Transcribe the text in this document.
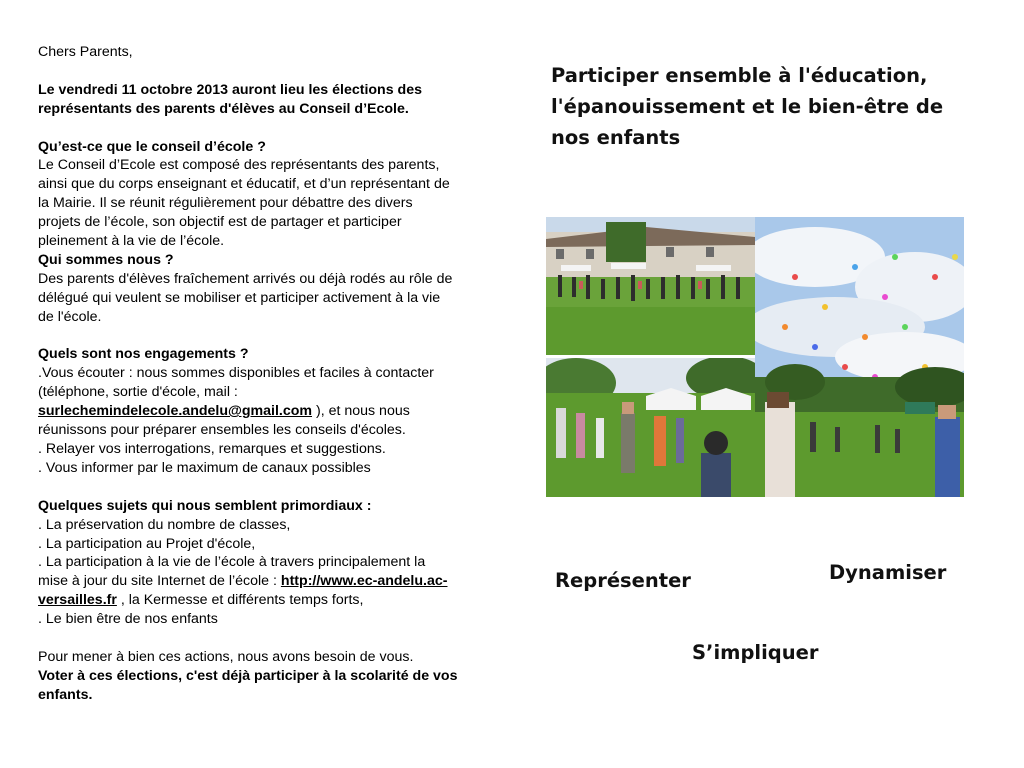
Chers Parents,

Le vendredi 11 octobre 2013 auront lieu les élections des représentants des parents d'élèves au Conseil d’Ecole.

Qu’est-ce que le conseil d’école ?

Le Conseil d’Ecole est composé des représentants des parents, ainsi que du corps enseignant et éducatif, et d’un représentant de la Mairie. Il se réunit régulièrement pour débattre des divers projets de l’école, son objectif est de partager et participer pleinement à la vie de l’école.

Qui sommes nous ?

Des parents d'élèves fraîchement arrivés ou déjà rodés au rôle de délégué qui veulent se mobiliser et participer activement à la vie de l'école.

Quels sont nos engagements ?

.Vous écouter : nous sommes disponibles et faciles à contacter (téléphone, sortie d'école, mail : surlechemindelecole.andelu@gmail.com ), et nous nous réunissons pour préparer ensembles les conseils d'écoles.

. Relayer vos interrogations, remarques et suggestions.

. Vous informer par le maximum de canaux possibles

Quelques sujets qui nous semblent primordiaux :

. La préservation du nombre de classes,

. La participation au Projet d'école,

. La participation à la vie de l’école à travers principalement la mise à jour du site Internet de l’école : http://www.ec-andelu.ac-versailles.fr , la Kermesse et différents temps forts,

. Le bien être de nos enfants

Pour mener à bien ces actions, nous avons besoin de vous.

Voter à ces élections, c'est déjà participer à la scolarité de vos enfants.

Participer ensemble à l'éducation, l'épanouissement et le bien-être de nos enfants
Représenter	Dynamiser
S’impliquer
